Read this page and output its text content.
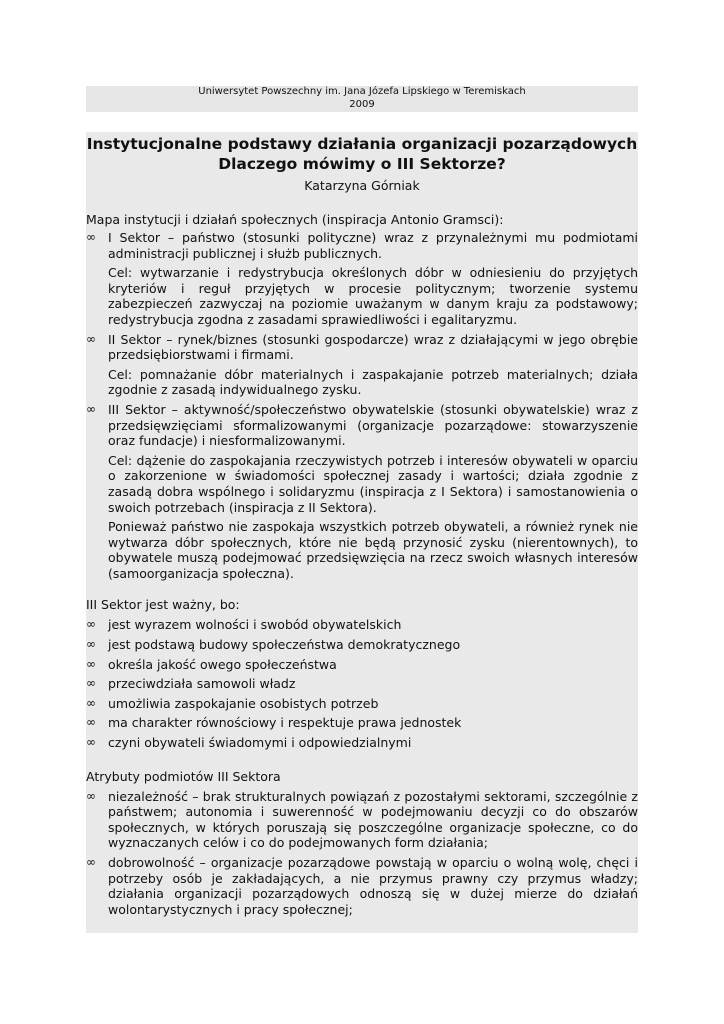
Uniwersytet Powszechny im. Jana Józefa Lipskiego w Teremiskach
2009
Instytucjonalne podstawy działania organizacji pozarządowych
Dlaczego mówimy o III Sektorze?
Katarzyna Górniak

Mapa instytucji i działań społecznych (inspiracja Antonio Gramsci):

∞ I Sektor – państwo (stosunki polityczne) wraz z przynależnymi mu podmiotami administracji publicznej i służb publicznych.
Cel: wytwarzanie i redystrybucja określonych dóbr w odniesieniu do przyjętych kryteriów i reguł przyjętych w procesie politycznym; tworzenie systemu zabezpieczeń zazwyczaj na poziomie uważanym w danym kraju za podstawowy; redystrybucja zgodna z zasadami sprawiedliwości i egalitaryzmu.
∞ II Sektor – rynek/biznes (stosunki gospodarcze) wraz z działającymi w jego obrębie przedsiębiorstwami i firmami.
Cel: pomnażanie dóbr materialnych i zaspakajanie potrzeb materialnych; działa zgodnie z zasadą indywidualnego zysku.
∞ III Sektor – aktywność/społeczeństwo obywatelskie (stosunki obywatelskie) wraz z przedsięwzięciami sformalizowanymi (organizacje pozarządowe: stowarzyszenie oraz fundacje) i niesformalizowanymi.
Cel: dążenie do zaspokajania rzeczywistych potrzeb i interesów obywateli w oparciu o zakorzenione w świadomości społecznej zasady i wartości; działa zgodnie z zasadą dobra wspólnego i solidaryzmu (inspiracja z I Sektora) i samostanowienia o swoich potrzebach (inspiracja z II Sektora).
Ponieważ państwo nie zaspokaja wszystkich potrzeb obywateli, a również rynek nie wytwarza dóbr społecznych, które nie będą przynosić zysku (nierentownych), to obywatele muszą podejmować przedsięwzięcia na rzecz swoich własnych interesów (samoorganizacja społeczna).

III Sektor jest ważny, bo:

∞ jest wyrazem wolności i swobód obywatelskich
∞ jest podstawą budowy społeczeństwa demokratycznego
∞ określa jakość owego społeczeństwa
∞ przeciwdziała samowoli władz
∞ umożliwia zaspokajanie osobistych potrzeb
∞ ma charakter równościowy i respektuje prawa jednostek
∞ czyni obywateli świadomymi i odpowiedzialnymi

Atrybuty podmiotów III Sektora

∞ niezależność – brak strukturalnych powiązań z pozostałymi sektorami, szczególnie z państwem; autonomia i suwerenność w podejmowaniu decyzji co do obszarów społecznych, w których poruszają się poszczególne organizacje społeczne, co do wyznaczanych celów i co do podejmowanych form działania;
∞ dobrowolność – organizacje pozarządowe powstają w oparciu o wolną wolę, chęci i potrzeby osób je zakładających, a nie przymus prawny czy przymus władzy; działania organizacji pozarządowych odnoszą się w dużej mierze do działań wolontarystycznych i pracy społecznej;
